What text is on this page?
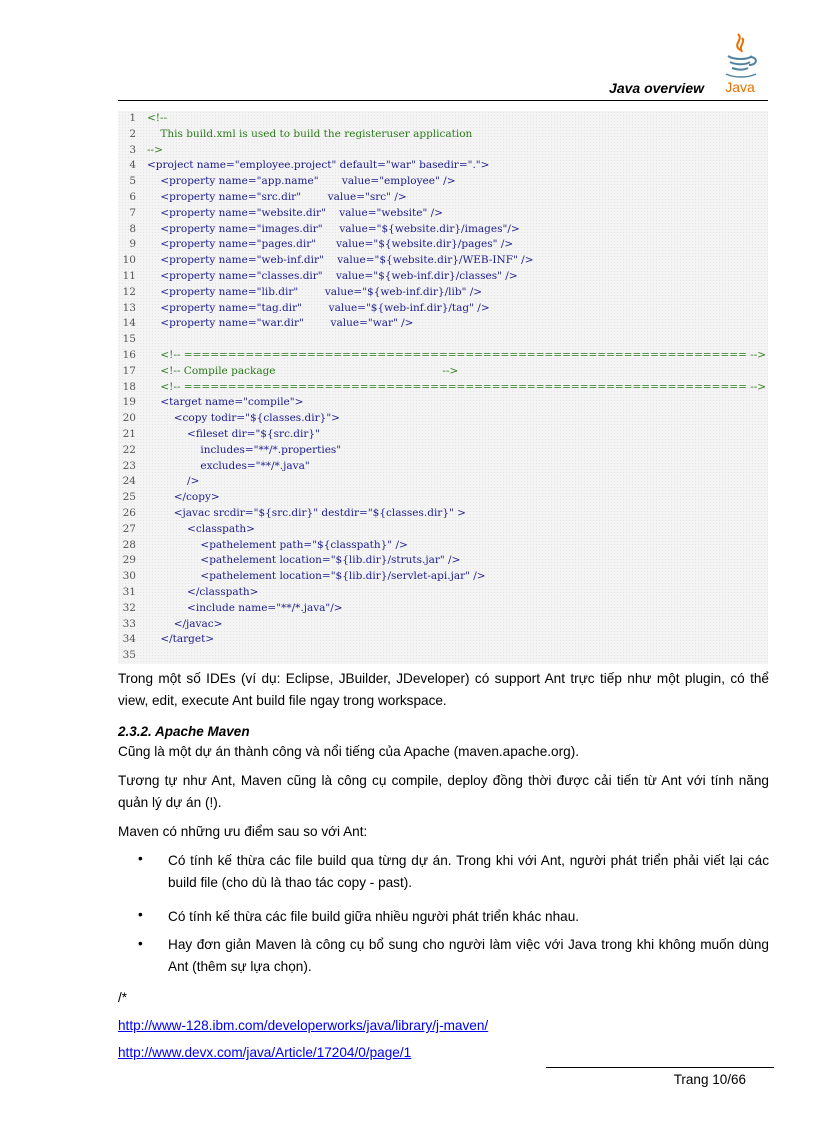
Java overview Java
1 <!--
2 This build.xml is used to build the registeruser application
3 -->
4 <project name="employee.project" default="war" basedir=".">
5 <property name="app.name"       value="employee" />
6 <property name="src.dir"        value="src" />
7 <property name="website.dir"    value="website" />
8 <property name="images.dir"     value="${website.dir}/images"/>
9 <property name="pages.dir"      value="${website.dir}/pages" />
10 <property name="web-inf.dir"    value="${website.dir}/WEB-INF" />
11 <property name="classes.dir"    value="${web-inf.dir}/classes" />
12 <property name="lib.dir"        value="${web-inf.dir}/lib" />
13 <property name="tag.dir"        value="${web-inf.dir}/tag" />
14 <property name="war.dir"        value="war" />
15
16 <!-- ================================================================ -->
17 <!-- Compile package                                                  -->
18 <!-- ================================================================ -->
19 <target name="compile">
20 <copy todir="${classes.dir}">
21 <fileset dir="${src.dir}"
22 includes="**/*.properties"
23 excludes="**/*.java"
24 />
25 </copy>
26 <javac srcdir="${src.dir}" destdir="${classes.dir}" >
27 <classpath>
28 <pathelement path="${classpath}" />
29 <pathelement location="${lib.dir}/struts.jar" />
30 <pathelement location="${lib.dir}/servlet-api.jar" />
31 </classpath>
32 <include name="**/*.java"/>
33 </javac>
34 </target>
35

Trong một số IDEs (ví dụ: Eclipse, JBuilder, JDeveloper) có support Ant trực tiếp như một plugin, có thể view, edit, execute Ant build file ngay trong workspace.

2.3.2. Apache Maven

Cũng là một dự án thành công và nổi tiếng của Apache (maven.apache.org).

Tương tự như Ant, Maven cũng là công cụ compile, deploy đồng thời được cải tiến từ Ant với tính năng quản lý dự án (!).

Maven có những ưu điểm sau so với Ant:

• Có tính kế thừa các file build qua từng dự án. Trong khi với Ant, người phát triển phải viết lại các build file (cho dù là thao tác copy - past).
• Có tính kế thừa các file build giữa nhiều người phát triển khác nhau.
• Hay đơn giản Maven là công cụ bổ sung cho người làm việc với Java trong khi không muốn dùng Ant (thêm sự lựa chọn).
/*
http://www-128.ibm.com/developerworks/java/library/j-maven/
http://www.devx.com/java/Article/17204/0/page/1
Trang 10/66
